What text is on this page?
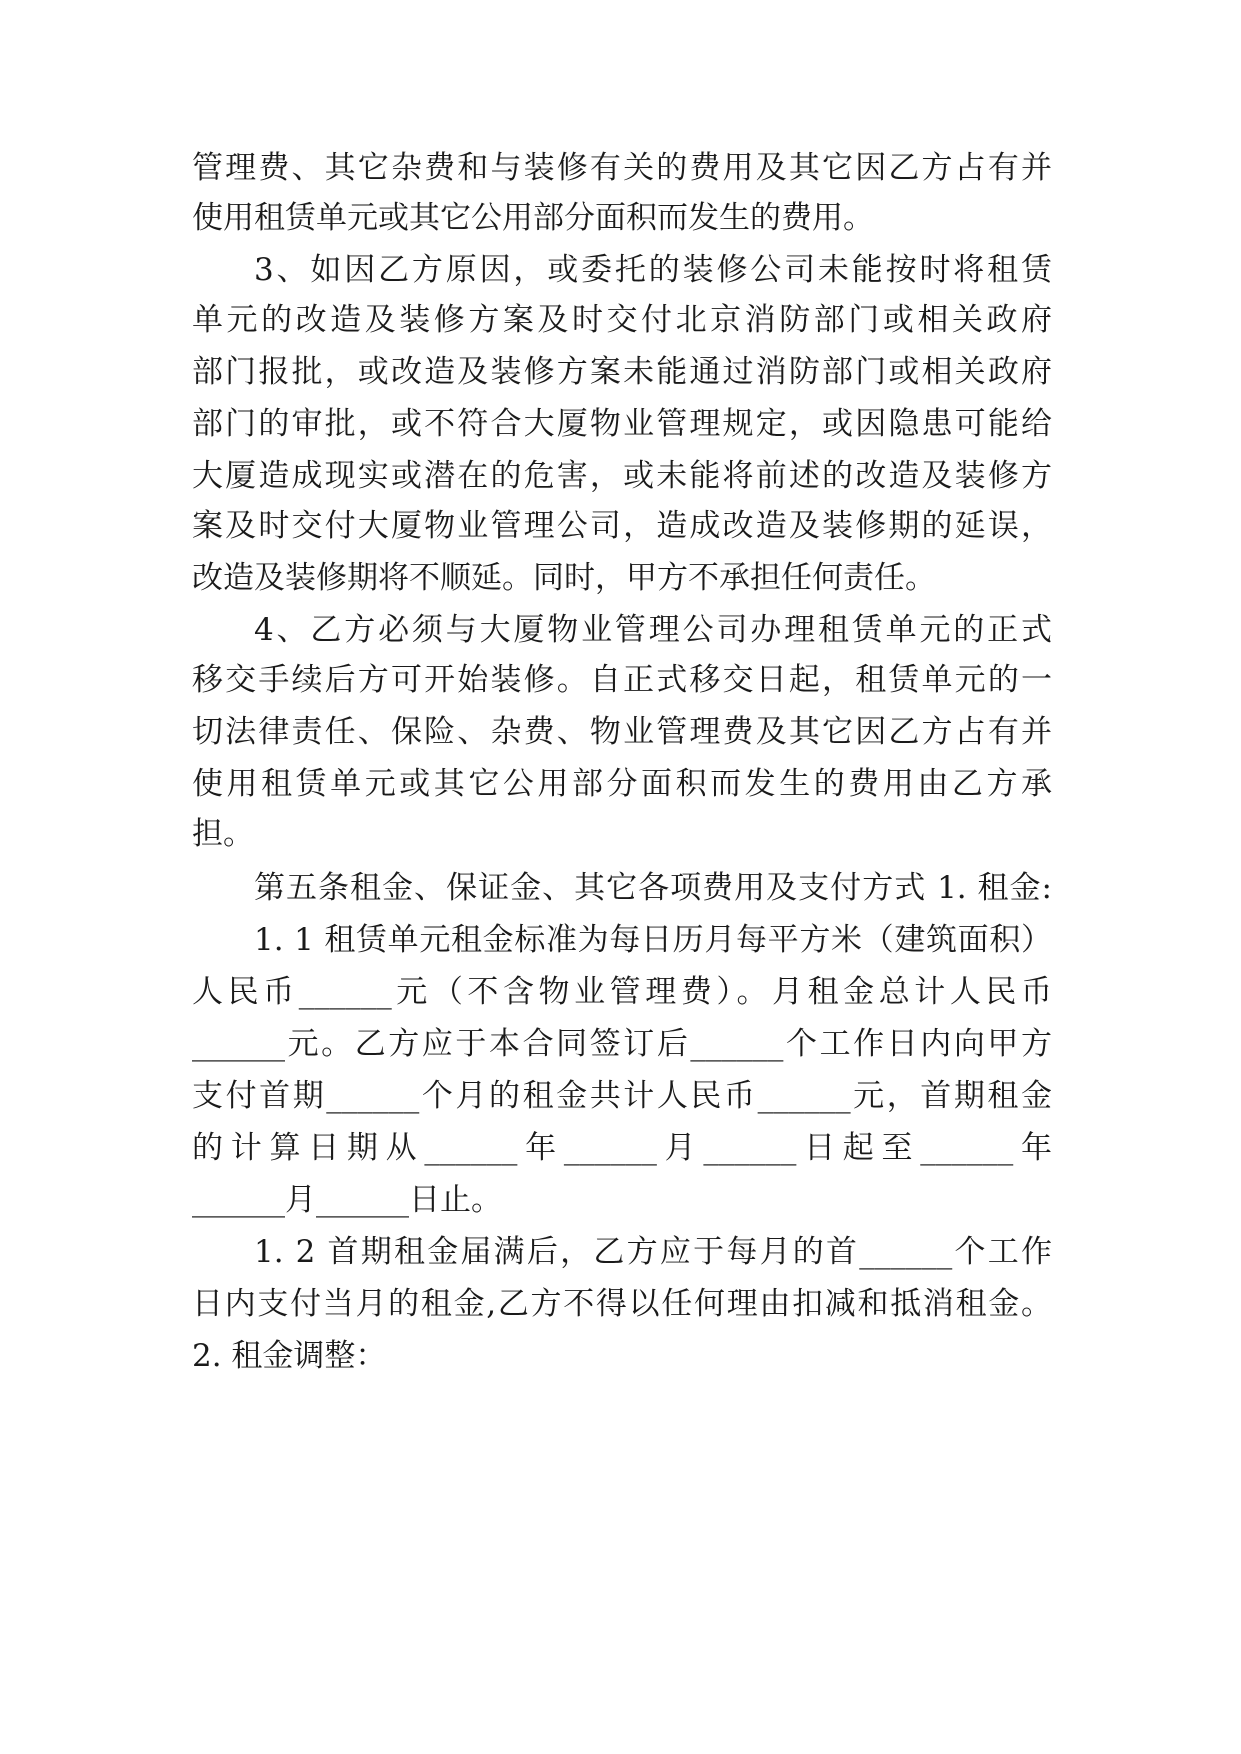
管理费、其它杂费和与装修有关的费用及其它因乙方占有并
使用租赁单元或其它公用部分面积而发生的费用。
3、如因乙方原因，或委托的装修公司未能按时将租赁
单元的改造及装修方案及时交付北京消防部门或相关政府
部门报批，或改造及装修方案未能通过消防部门或相关政府
部门的审批，或不符合大厦物业管理规定，或因隐患可能给
大厦造成现实或潜在的危害，或未能将前述的改造及装修方
案及时交付大厦物业管理公司，造成改造及装修期的延误，
改造及装修期将不顺延。同时，甲方不承担任何责任。
4、乙方必须与大厦物业管理公司办理租赁单元的正式
移交手续后方可开始装修。自正式移交日起，租赁单元的一
切法律责任、保险、杂费、物业管理费及其它因乙方占有并
使用租赁单元或其它公用部分面积而发生的费用由乙方承
担。
第五条租金、保证金、其它各项费用及支付方式 1. 租金:
1. 1 租赁单元租金标准为每日历月每平方米（建筑面积）
人民币______元（不含物业管理费）。月租金总计人民币
______元。乙方应于本合同签订后______个工作日内向甲方
支付首期______个月的租金共计人民币______元，首期租金
的计算日期从______年______月______日起至______年
______月______日止。
1. 2 首期租金届满后，乙方应于每月的首______个工作
日内支付当月的租金,乙方不得以任何理由扣减和抵消租金。
2. 租金调整：
